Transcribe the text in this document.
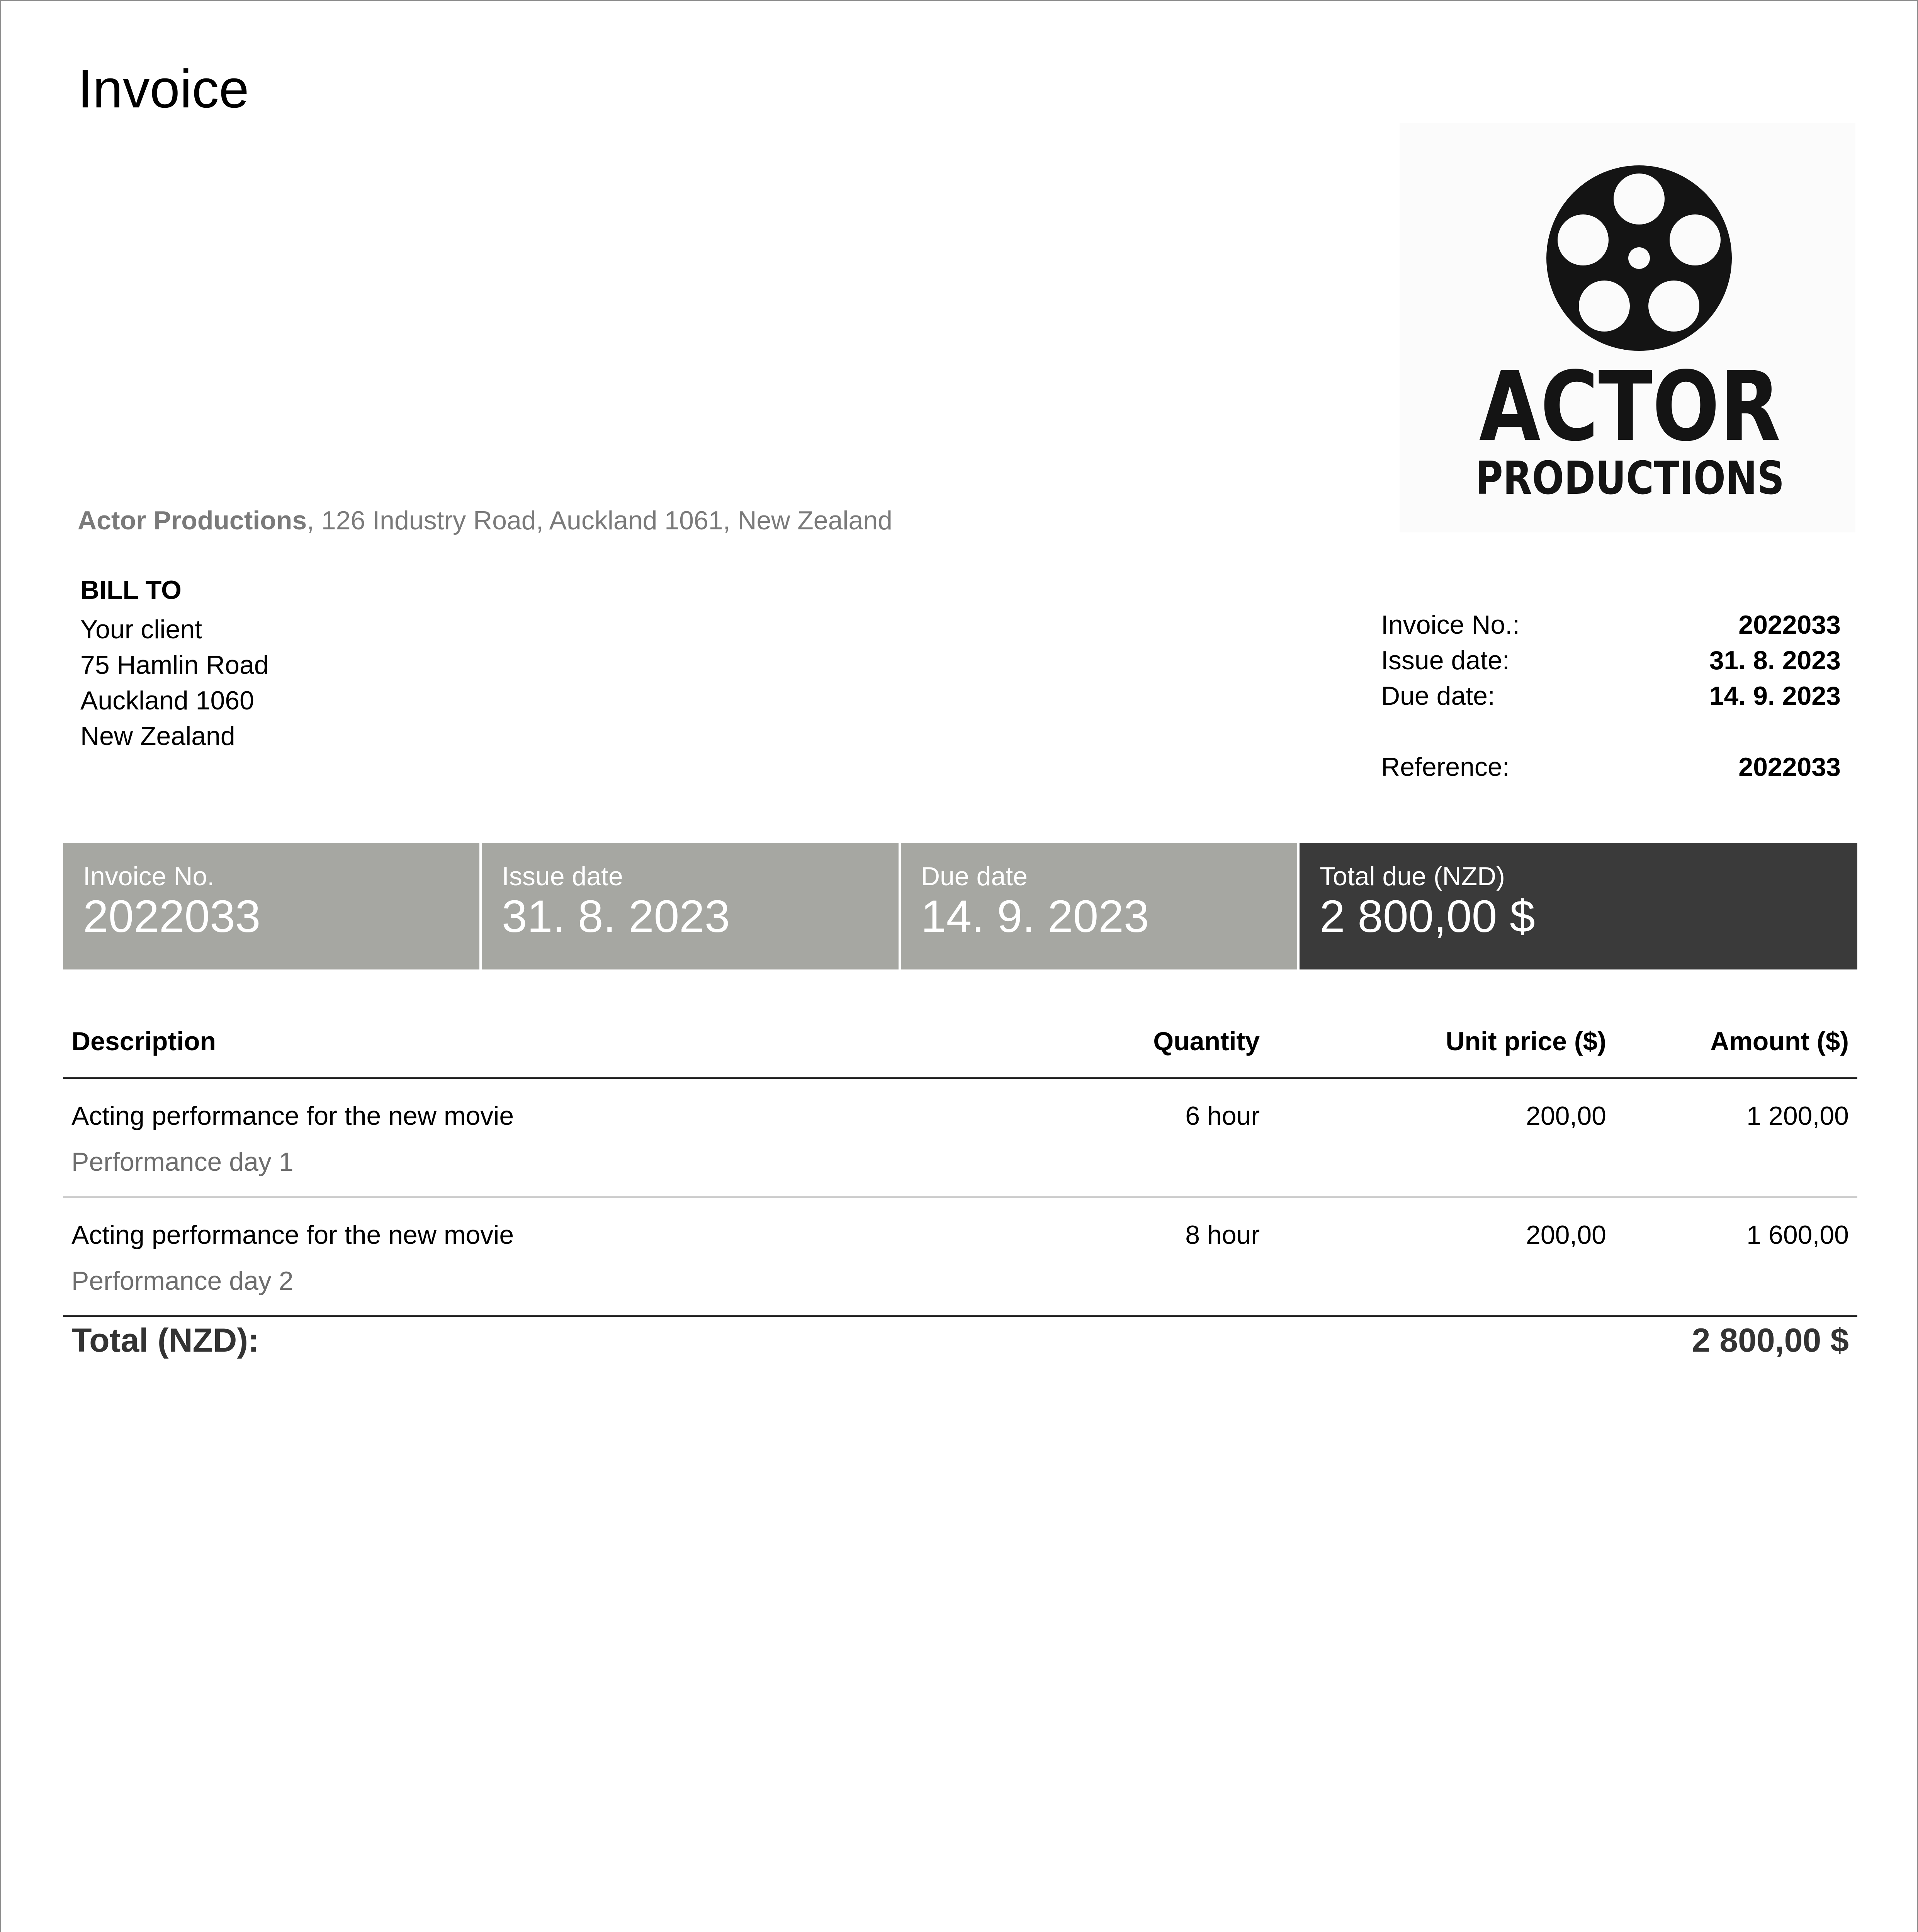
Invoice
ACTOR
PRODUCTIONS
Actor Productions, 126 Industry Road, Auckland 1061, New Zealand
BILL TO
Your client
75 Hamlin Road
Auckland 1060
New Zealand
Invoice No.:	2022033
Issue date:	31. 8. 2023
Due date:	14. 9. 2023
Reference:	2022033
Invoice No.
2022033
Issue date
31. 8. 2023
Due date
14. 9. 2023
Total due (NZD)
2 800,00 $
Description	Quantity	Unit price ($)	Amount ($)
Acting performance for the new movie	6 hour	200,00	1 200,00
Performance day 1
Acting performance for the new movie	8 hour	200,00	1 600,00
Performance day 2
Total (NZD):	2 800,00 $
